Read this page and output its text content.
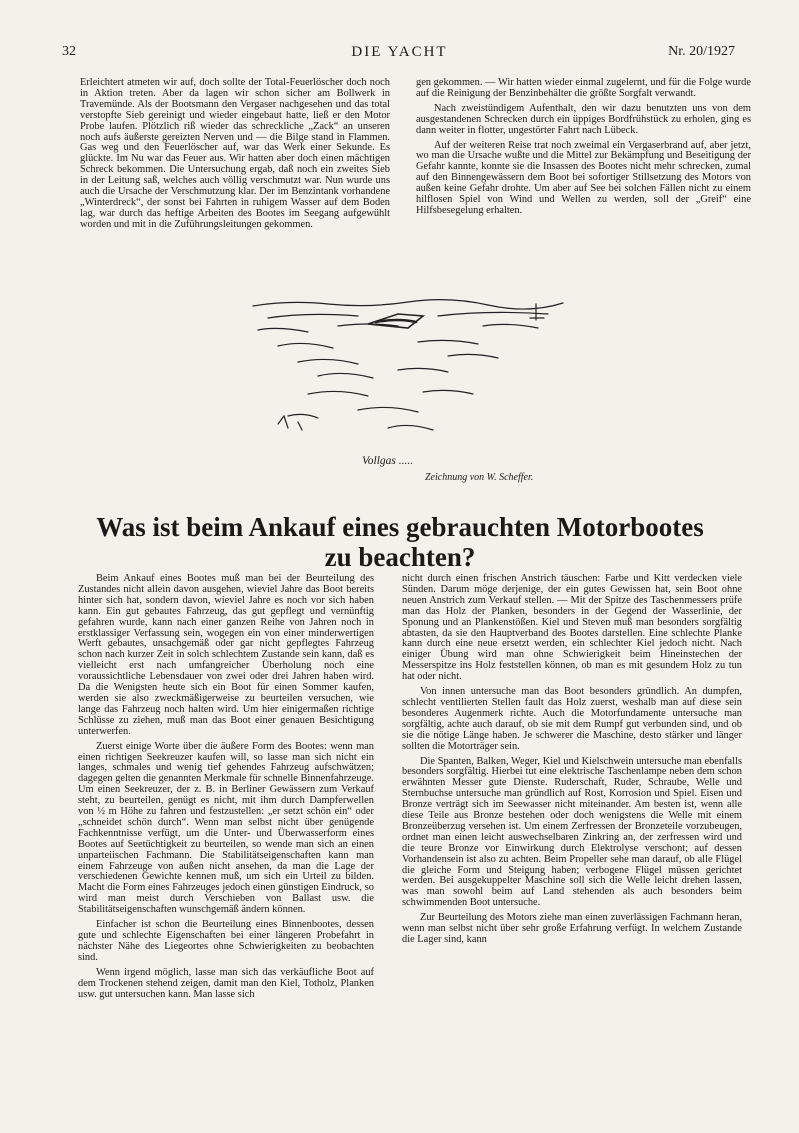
32	DIE YACHT	Nr. 20/1927

Erleichtert atmeten wir auf, doch sollte der Total-Feuerlöscher doch noch in Aktion treten. Aber da lagen wir schon sicher am Bollwerk in Travemünde. Als der Bootsmann den Vergaser nachgesehen und das total verstopfte Sieb gereinigt und wieder eingebaut hatte, ließ er den Motor Probe laufen. Plötzlich riß wieder das schreckliche „Zack“ an unseren noch aufs äußerste gereizten Nerven und — die Bilge stand in Flammen. Gas weg und den Feuerlöscher auf, war das Werk einer Sekunde. Es glückte. Im Nu war das Feuer aus. Wir hatten aber doch einen mächtigen Schreck bekommen. Die Untersuchung ergab, daß noch ein zweites Sieb in der Leitung saß, welches auch völlig verschmutzt war. Nun wurde uns auch die Ursache der Verschmutzung klar. Der im Benzintank vorhandene „Winterdreck“, der sonst bei Fahrten in ruhigem Wasser auf dem Boden lag, war durch das heftige Arbeiten des Bootes im Seegang aufgewühlt worden und mit in die Zuführungsleitungen gekommen.

gen gekommen. — Wir hatten wieder einmal zugelernt, und für die Folge wurde auf die Reinigung der Benzinbehälter die größte Sorgfalt verwandt.

Nach zweistündigem Aufenthalt, den wir dazu benutzten uns von dem ausgestandenen Schrecken durch ein üppiges Bordfrühstück zu erholen, ging es dann weiter in flotter, ungestörter Fahrt nach Lübeck.

Auf der weiteren Reise trat noch zweimal ein Vergaserbrand auf, aber jetzt, wo man die Ursache wußte und die Mittel zur Bekämpfung und Beseitigung der Gefahr kannte, konnte sie die Insassen des Bootes nicht mehr schrecken, zumal auf den Binnengewässern dem Boot bei sofortiger Stillsetzung des Motors von außen keine Gefahr drohte. Um aber auf See bei solchen Fällen nicht zu einem hilflosen Spiel von Wind und Wellen zu werden, soll der „Greif“ eine Hilfsbesegelung erhalten.

Vollgas .....
Zeichnung von W. Scheffer.
Was ist beim Ankauf eines gebrauchten Motorbootes
zu beachten?

Beim Ankauf eines Bootes muß man bei der Beurteilung des Zustandes nicht allein davon ausgehen, wieviel Jahre das Boot bereits hinter sich hat, sondern davon, wieviel Jahre es noch vor sich haben kann. Ein gut gebautes Fahrzeug, das gut gepflegt und vernünftig gefahren wurde, kann nach einer ganzen Reihe von Jahren noch in erstklassiger Verfassung sein, wogegen ein von einer minderwertigen Werft gebautes, unsachgemäß oder gar nicht gepflegtes Fahrzeug schon nach kurzer Zeit in solch schlechtem Zustande sein kann, daß es vielleicht erst nach umfangreicher Überholung noch eine voraussichtliche Lebensdauer von zwei oder drei Jahren haben wird. Da die Wenigsten heute sich ein Boot für einen Sommer kaufen, werden sie also zweckmäßigerweise zu beurteilen versuchen, wie lange das Fahrzeug noch halten wird. Um hier einigermaßen richtige Schlüsse zu ziehen, muß man das Boot einer genauen Besichtigung unterwerfen.

Zuerst einige Worte über die äußere Form des Bootes: wenn man einen richtigen Seekreuzer kaufen will, so lasse man sich nicht ein langes, schmales und wenig tief gehendes Fahrzeug aufschwätzen; dagegen gelten die genannten Merkmale für schnelle Binnenfahrzeuge. Um einen Seekreuzer, der z. B. in Berliner Gewässern zum Verkauf steht, zu beurteilen, genügt es nicht, mit ihm durch Dampferwellen von ½ m Höhe zu fahren und festzustellen: „er setzt schön ein“ oder „schneidet schön durch“. Wenn man selbst nicht über genügende Fachkenntnisse verfügt, um die Unter- und Überwasserform eines Bootes auf Seetüchtigkeit zu beurteilen, so wende man sich an einen unparteiischen Fachmann. Die Stabilitätseigenschaften kann man einem Fahrzeuge von außen nicht ansehen, da man die Lage der verschiedenen Gewichte kennen muß, um sich ein Urteil zu bilden. Macht die Form eines Fahrzeuges jedoch einen günstigen Eindruck, so wird man meist durch Verschieben von Ballast usw. die Stabilitätseigenschaften wunschgemäß ändern können.

Einfacher ist schon die Beurteilung eines Binnenbootes, dessen gute und schlechte Eigenschaften bei einer längeren Probefahrt in nächster Nähe des Liegeortes ohne Schwierigkeiten zu beobachten sind.

Wenn irgend möglich, lasse man sich das verkäufliche Boot auf dem Trockenen stehend zeigen, damit man den Kiel, Totholz, Planken usw. gut untersuchen kann. Man lasse sich

nicht durch einen frischen Anstrich täuschen: Farbe und Kitt verdecken viele Sünden. Darum möge derjenige, der ein gutes Gewissen hat, sein Boot ohne neuen Anstrich zum Verkauf stellen. — Mit der Spitze des Taschenmessers prüfe man das Holz der Planken, besonders in der Gegend der Wasserlinie, der Sponung und an Plankenstößen. Kiel und Steven muß man besonders sorgfältig abtasten, da sie den Hauptverband des Bootes darstellen. Eine schlechte Planke kann durch eine neue ersetzt werden, ein schlechter Kiel jedoch nicht. Nach einiger Übung wird man ohne Schwierigkeit beim Hineinstechen der Messerspitze ins Holz feststellen können, ob man es mit gesundem Holz zu tun hat oder nicht.

Von innen untersuche man das Boot besonders gründlich. An dumpfen, schlecht ventilierten Stellen fault das Holz zuerst, weshalb man auf diese sein besonderes Augenmerk richte. Auch die Motorfundamente untersuche man sorgfältig, achte auch darauf, ob sie mit dem Rumpf gut verbunden sind, und ob sie die nötige Länge haben. Je schwerer die Maschine, desto stärker und länger sollten die Motorträger sein.

Die Spanten, Balken, Weger, Kiel und Kielschwein untersuche man ebenfalls besonders sorgfältig. Hierbei tut eine elektrische Taschenlampe neben dem schon erwähnten Messer gute Dienste. Ruderschaft, Ruder, Schraube, Welle und Sternbuchse untersuche man gründlich auf Rost, Korrosion und Spiel. Eisen und Bronze verträgt sich im Seewasser nicht miteinander. Am besten ist, wenn alle diese Teile aus Bronze bestehen oder doch wenigstens die Welle mit einem Bronzeüberzug versehen ist. Um einem Zerfressen der Bronzeteile vorzubeugen, ordnet man einen leicht auswechselbaren Zinkring an, der zerfressen wird und die teure Bronze vor Einwirkung durch Elektrolyse verschont; auf dessen Vorhandensein ist also zu achten. Beim Propeller sehe man darauf, ob alle Flügel die gleiche Form und Steigung haben; verbogene Flügel müssen gerichtet werden. Bei ausgekuppelter Maschine soll sich die Welle leicht drehen lassen, was man sowohl beim auf Land stehenden als auch besonders beim schwimmenden Boot untersuche.

Zur Beurteilung des Motors ziehe man einen zuverlässigen Fachmann heran, wenn man selbst nicht über sehr große Erfahrung verfügt. In welchem Zustande die Lager sind, kann
